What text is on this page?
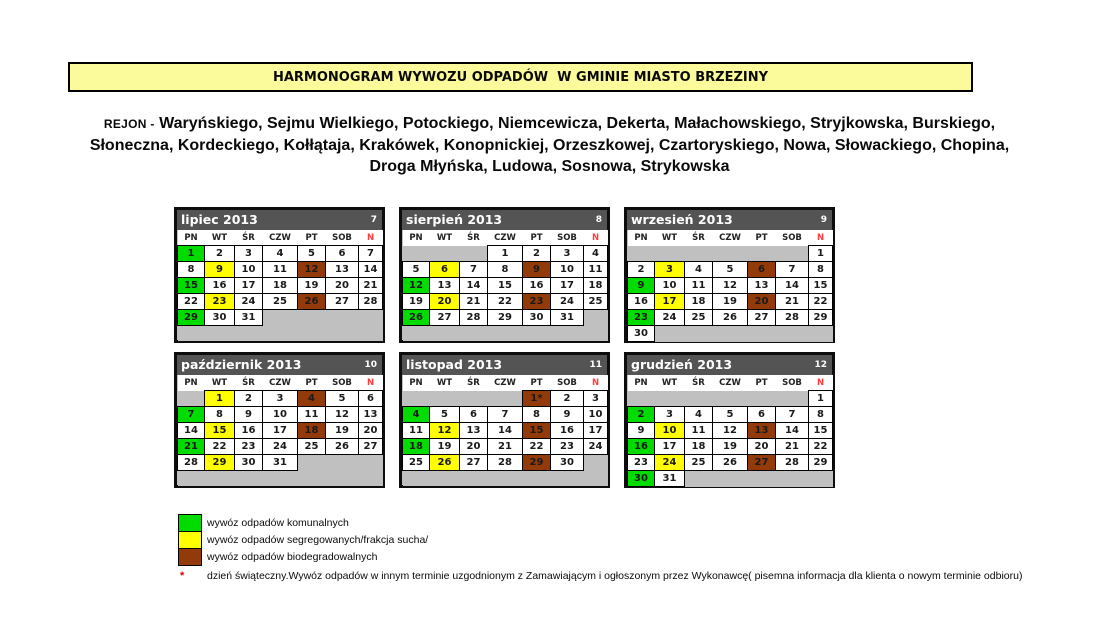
HARMONOGRAM WYWOZU ODPADÓW  W GMINIE MIASTO BRZEZINY
REJON - Waryńskiego, Sejmu Wielkiego, Potockiego, Niemcewicza, Dekerta, Małachowskiego, Stryjkowska, Burskiego,
Słoneczna, Kordeckiego, Kołłątaja, Krakówek, Konopnickiej, Orzeszkowej, Czartoryskiego, Nowa, Słowackiego, Chopina,
Droga Młyńska, Ludowa, Sosnowa, Strykowska
lipiec 2013	7
PN	WT	ŚR	CZW	PT	SOB	N
1	2	3	4	5	6	7
8	9	10	11	12	13	14
15	16	17	18	19	20	21
22	23	24	25	26	27	28
29	30	31				

sierpień 2013	8
PN	WT	ŚR	CZW	PT	SOB	N
			1	2	3	4
5	6	7	8	9	10	11
12	13	14	15	16	17	18
19	20	21	22	23	24	25
26	27	28	29	30	31	

wrzesień 2013	9
PN	WT	ŚR	CZW	PT	SOB	N
						1
2	3	4	5	6	7	8
9	10	11	12	13	14	15
16	17	18	19	20	21	22
23	24	25	26	27	28	29
30						
październik 2013	10
PN	WT	ŚR	CZW	PT	SOB	N
	1	2	3	4	5	6
7	8	9	10	11	12	13
14	15	16	17	18	19	20
21	22	23	24	25	26	27
28	29	30	31			

listopad 2013	11
PN	WT	ŚR	CZW	PT	SOB	N
				1*	2	3
4	5	6	7	8	9	10
11	12	13	14	15	16	17
18	19	20	21	22	23	24
25	26	27	28	29	30	

grudzień 2013	12
PN	WT	ŚR	CZW	PT	SOB	N
						1
2	3	4	5	6	7	8
9	10	11	12	13	14	15
16	17	18	19	20	21	22
23	24	25	26	27	28	29
30	31					
wywóz odpadów komunalnych
wywóz odpadów segregowanych/frakcja sucha/
wywóz odpadów biodegradowalnych
*	dzień świąteczny.Wywóz odpadów w innym terminie uzgodnionym z Zamawiającym i ogłoszonym przez Wykonawcę( pisemna informacja dla klienta o nowym terminie odbioru)
